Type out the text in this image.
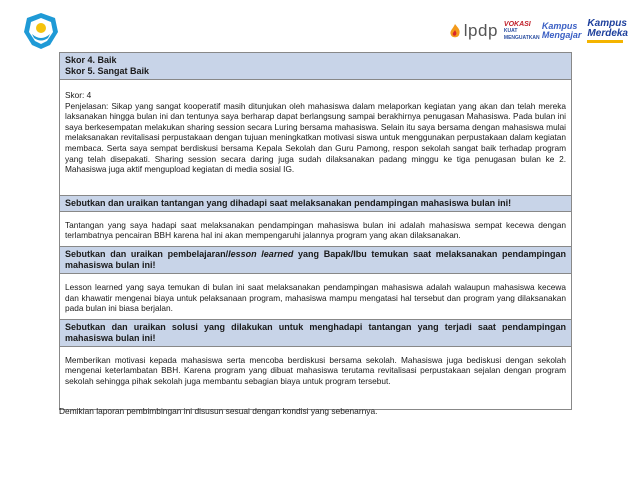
lpdp VOKASI
KUAT MENGUATKAN
Kampus
Mengajar
Kampus
Merdeka
Skor 4. Baik
Skor 5. Sangat Baik

Skor: 4

Penjelasan: Sikap yang sangat kooperatif masih ditunjukan oleh mahasiswa dalam melaporkan kegiatan yang akan dan telah mereka laksanakan hingga bulan ini dan tentunya saya berharap dapat berlangsung sampai berakhirnya penugasan Mahasiswa. Pada bulan ini saya berkesempatan melakukan sharing session secara Luring bersama mahasiswa. Selain itu saya bersama dengan mahasiswa mulai melaksanakan revitalisasi perpustakaan dengan tujuan meningkatkan motivasi siswa untuk menggunakan perpustakaan dalam kegiatan membaca. Serta saya sempat berdiskusi bersama Kepala Sekolah dan Guru Pamong, respon sekolah sangat baik terhadap program yang telah disepakati. Sharing session secara daring juga sudah dilaksanakan padang minggu ke tiga penugasan bulan ke 2. Mahasiswa juga aktif mengupload kegiatan di media sosial IG.

Sebutkan dan uraikan tantangan yang dihadapi saat melaksanakan pendampingan mahasiswa bulan ini!
Tantangan yang saya hadapi saat melaksanakan pendampingan mahasiswa bulan ini adalah mahasiswa sempat kecewa dengan terlambatnya pencairan BBH karena hal ini akan mempengaruhi jalannya program yang akan dilaksanakan.
Sebutkan dan uraikan pembelajaran/lesson learned yang Bapak/Ibu temukan saat melaksanakan pendampingan mahasiswa bulan ini!
Lesson learned yang saya temukan di bulan ini saat melaksanakan pendampingan mahasiswa adalah walaupun mahasiswa kecewa dan khawatir mengenai biaya untuk pelaksanaan program, mahasiswa mampu mengatasi hal tersebut dan program yang dilaksanakan pada bulan ini biasa berjalan.
Sebutkan dan uraikan solusi yang dilakukan untuk menghadapi tantangan yang terjadi saat pendampingan mahasiswa bulan ini!
Memberikan motivasi kepada mahasiswa serta mencoba berdiskusi bersama sekolah. Mahasiswa juga bediskusi dengan sekolah mengenai keterlambatan BBH. Karena program yang dibuat mahasiswa terutama revitalisasi perpustakaan sejalan dengan program sekolah sehingga pihak sekolah juga membantu sebagian biaya untuk program tersebut.
Demikian laporan pembimbingan ini disusun sesuai dengan kondisi yang sebenarnya.
